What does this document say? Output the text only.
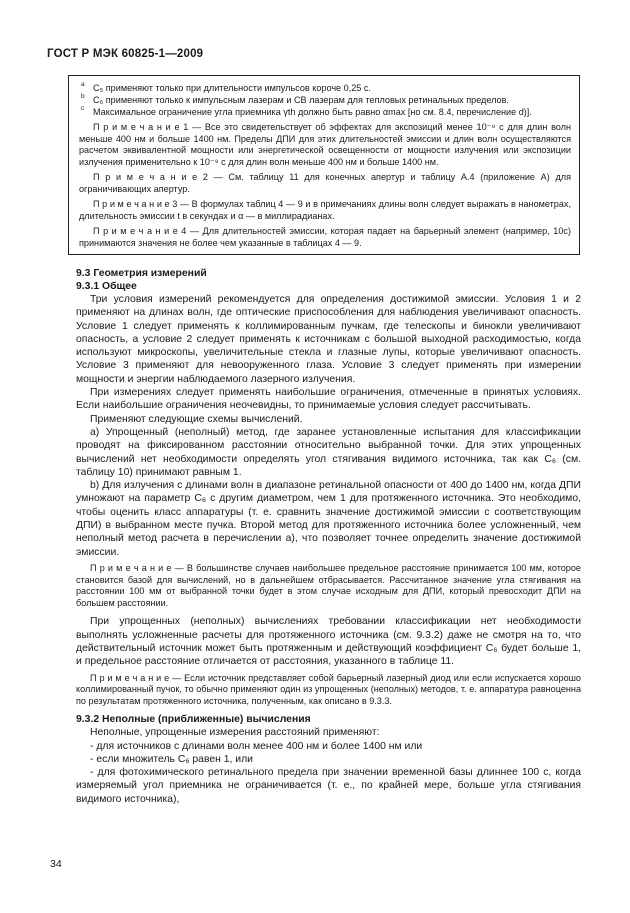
ГОСТ Р МЭК 60825-1—2009
a C₅ применяют только при длительности импульсов короче 0,25 с.
b C₆ применяют только к импульсным лазерам и СВ лазерам для тепловых ретинальных пределов.
c Максимальное ограничение угла приемника γth должно быть равно αmax [но см. 8.4, перечисление d)].
П р и м е ч а н и е 1 — Все это свидетельствует об эффектах для экспозиций менее 10⁻⁹ с для длин волн меньше 400 нм и больше 1400 нм. Пределы ДПИ для этих длительностей эмиссии и длин волн осуществляются расчетом эквивалентной мощности или энергетической освещенности от мощности излучения или экспозиции излучения применительно к 10⁻⁹ с для длин волн меньше 400 нм и больше 1400 нм.
П р и м е ч а н и е 2 — См. таблицу 11 для конечных апертур и таблицу А.4 (приложение А) для ограничивающих апертур.
П р и м е ч а н и е 3 — В формулах таблиц 4 — 9 и в примечаниях длины волн следует выражать в нанометрах, длительность эмиссии t в секундах и α — в миллирадианах.
П р и м е ч а н и е 4 — Для длительностей эмиссии, которая падает на барьерный элемент (например, 10с) принимаются значения не более чем указанные в таблицах 4 — 9.
9.3 Геометрия измерений
9.3.1 Общее

Три условия измерений рекомендуется для определения достижимой эмиссии. Условия 1 и 2 применяют на длинах волн, где оптические приспособления для наблюдения увеличивают опасность. Условие 1 следует применять к коллимированным пучкам, где телескопы и бинокли увеличивают опасность, а условие 2 следует применять к источникам с большой выходной расходимостью, когда используют микроскопы, увеличительные стекла и глазные лупы, которые увеличивают опасность. Условие 3 применяют для невооруженного глаза. Условие 3 следует применять при измерении мощности и энергии наблюдаемого лазерного излучения.

При измерениях следует применять наибольшие ограничения, отмеченные в принятых условиях. Если наибольшие ограничения неочевидны, то принимаемые условия следует рассчитывать.

Применяют следующие схемы вычислений.

a) Упрощенный (неполный) метод, где заранее установленные испытания для классификации проводят на фиксированном расстоянии относительно выбранной точки. Для этих упрощенных вычислений нет необходимости определять угол стягивания видимого источника, так как C₆ (см. таблицу 10) принимают равным 1.

b) Для излучения с длинами волн в диапазоне ретинальной опасности от 400 до 1400 нм, когда ДПИ умножают на параметр C₆ с другим диаметром, чем 1 для протяженного источника. Это необходимо, чтобы оценить класс аппаратуры (т. е. сравнить значение достижимой эмиссии с соответствующим ДПИ) в выбранном месте пучка. Второй метод для протяженного источника более усложненный, чем неполный метод расчета в перечислении a), что позволяет точнее определить значение достижимой эмиссии.

П р и м е ч а н и е — В большинстве случаев наибольшее предельное расстояние принимается 100 мм, которое становится базой для вычислений, но в дальнейшем отбрасывается. Рассчитанное значение угла стягивания на расстоянии 100 мм от выбранной точки будет в этом случае исходным для ДПИ, который превосходит ДПИ на большем расстоянии.

При упрощенных (неполных) вычислениях требовании классификации нет необходимости выполнять усложненные расчеты для протяженного источника (см. 9.3.2) даже не смотря на то, что действительный источник может быть протяженным и действующий коэффициент C₆ будет больше 1, и предельное расстояние отличается от расстояния, указанного в таблице 11.

П р и м е ч а н и е — Если источник представляет собой барьерный лазерный диод или если испускается хорошо коллимированный пучок, то обычно применяют один из упрощенных (неполных) методов, т. е. аппаратура равноценна по результатам протяженного источника, полученным, как описано в 9.3.3.

9.3.2 Неполные (приближенные) вычисления

Неполные, упрощенные измерения расстояний применяют:

- для источников с длинами волн менее 400 нм и более 1400 нм или

- если множитель C₆ равен 1, или

- для фотохимического ретинального предела при значении временной базы длиннее 100 с, когда измеряемый угол приемника не ограничивается (т. е., по крайней мере, больше угла стягивания видимого источника),

34
